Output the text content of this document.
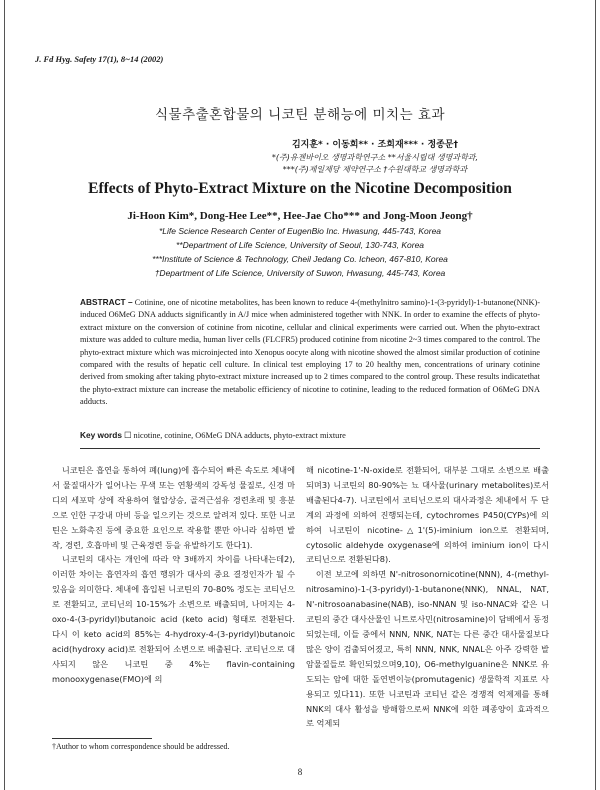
J. Fd Hyg. Safety 17(1), 8~14 (2002)
식물추출혼합물의 니코틴 분해능에 미치는 효과
김지훈* · 이동희** · 조희재*** · 정종문†
*(주)유젠바이오 생명과학연구소 **서울시립대 생명과학과,
***(주)제일제당 제약연구소 †수원대학교 생명과학과
Effects of Phyto-Extract Mixture on the Nicotine Decomposition
Ji-Hoon Kim*, Dong-Hee Lee**, Hee-Jae Cho*** and Jong-Moon Jeong†
*Life Science Research Center of EugenBio Inc. Hwasung, 445-743, Korea
**Department of Life Science, University of Seoul, 130-743, Korea
***Institute of Science & Technology, Cheil Jedang Co. Icheon, 467-810, Korea
†Department of Life Science, University of Suwon, Hwasung, 445-743, Korea
ABSTRACT – Cotinine, one of nicotine metabolites, has been known to reduce 4-(methylnitro samino)-1-(3-pyridyl)-1-butanone(NNK)-induced O6MeG DNA adducts significantly in A/J mice when administered together with NNK. In order to examine the effects of phyto-extract mixture on the conversion of cotinine from nicotine, cellular and clinical experiments were carried out. When the phyto-extract mixture was added to culture media, human liver cells (FLCFR5) produced cotinine from nicotine 2~3 times compared to the control. The phyto-extract mixture which was microinjected into Xenopus oocyte along with nicotine showed the almost similar production of cotinine compared with the results of hepatic cell culture. In clinical test employing 17 to 20 healthy men, concentrations of urinary cotinine derived from smoking after taking phyto-extract mixture increased up to 2 times compared to the control group. These results indicatethat the phyto-extract mixture can increase the metabolic efficiency of nicotine to cotinine, leading to the reduced formation of O6MeG DNA adducts.
Key words ☐ nicotine, cotinine, O6MeG DNA adducts, phyto-extract mixture

니코틴은 흡연을 통하여 폐(lung)에 흡수되어 빠른 속도로 체내에서 물질대사가 일어나는 무색 또는 연황색의 강독성 물질로, 신경 마디의 세포막 상에 작용하여 혈압상승, 골격근섬유 경련초래 및 흥분으로 인한 구강내 마비 등을 일으키는 것으로 알려져 있다. 또한 니코틴은 노화촉진 등에 중요한 요인으로 작용할 뿐만 아니라 심하면 발작, 경련, 호흡마비 및 근육경련 등을 유발하기도 한다1).

니코틴의 대사는 개인에 따라 약 3배까지 차이를 나타내는데2), 이러한 차이는 흡연자의 흡연 행위가 대사의 중요 결정인자가 될 수 있음을 의미한다. 체내에 흡입된 니코틴의 70-80% 정도는 코티닌으로 전환되고, 코티닌의 10-15%가 소변으로 배출되며, 나머지는 4-oxo-4-(3-pyridyl)butanoic acid (keto acid) 형태로 전환된다. 다시 이 keto acid의 85%는 4-hydroxy-4-(3-pyridyl)butanoic acid(hydroxy acid)로 전환되어 소변으로 배출된다. 코티닌으로 대사되지 않은 니코틴 중 4%는 flavin-containing monooxygenase(FMO)에 의

해 nicotine-1'-N-oxide로 전환되어, 대부분 그대로 소변으로 배출되며3) 니코틴의 80-90%는 뇨 대사물(urinary metabolites)로서 배출된다4-7). 니코틴에서 코티닌으로의 대사과정은 체내에서 두 단계의 과정에 의하여 진행되는데, cytochromes P450(CYPs)에 의하여 니코틴이 nicotine-△1'(5)-iminium ion으로 전환되며, cytosolic aldehyde oxygenase에 의하여 iminium ion이 다시 코티닌으로 전환된다8).

이전 보고에 의하면 N'-nitrosonornicotine(NNN), 4-(methyl-nitrosamino)-1-(3-pyridyl)-1-butanone(NNK), NNAL, NAT, N'-nitrosoanabasine(NAB), iso-NNAN 및 iso-NNAC와 같은 니코틴의 중간 대사산물인 니트로사민(nitrosamine)이 담배에서 동정되었는데, 이들 중에서 NNN, NNK, NAT는 다른 중간 대사물질보다 많은 양이 검출되어졌고, 특히 NNN, NNK, NNAL은 아주 강력한 발암물질들로 확인되었으며9,10), O6-methylguanine은 NNK로 유도되는 암에 대한 돌연변이능(promutagenic) 생물학적 지표로 사용되고 있다11). 또한 니코틴과 코티닌 같은 경쟁적 억제제를 통해 NNK의 대사 활성을 방해함으로써 NNK에 의한 폐종양이 효과적으로 억제되

†Author to whom correspondence should be addressed.
8
